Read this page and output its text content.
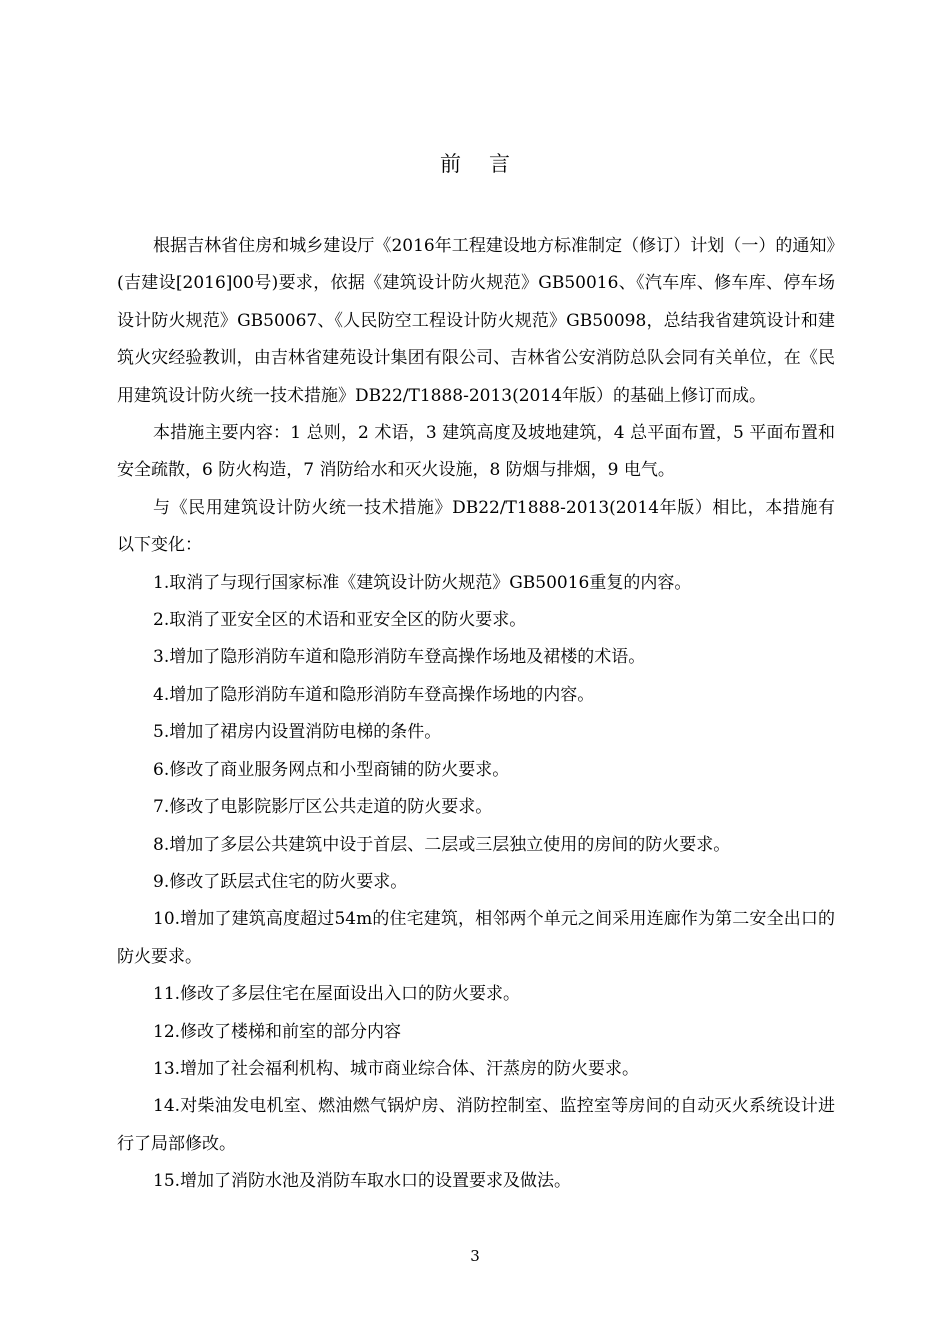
前言

根据吉林省住房和城乡建设厅《2016年工程建设地方标准制定（修订）计划（一）的通知》(吉建设[2016]00号)要求，依据《建筑设计防火规范》GB50016、《汽车库、修车库、停车场设计防火规范》GB50067、《人民防空工程设计防火规范》GB50098，总结我省建筑设计和建筑火灾经验教训，由吉林省建苑设计集团有限公司、吉林省公安消防总队会同有关单位，在《民用建筑设计防火统一技术措施》DB22/T1888-2013(2014年版）的基础上修订而成。

本措施主要内容：1 总则，2 术语，3 建筑高度及坡地建筑，4 总平面布置，5 平面布置和安全疏散，6 防火构造，7 消防给水和灭火设施，8 防烟与排烟，9 电气。

与《民用建筑设计防火统一技术措施》DB22/T1888-2013(2014年版）相比，本措施有以下变化：

1.取消了与现行国家标准《建筑设计防火规范》GB50016重复的内容。

2.取消了亚安全区的术语和亚安全区的防火要求。

3.增加了隐形消防车道和隐形消防车登高操作场地及裙楼的术语。

4.增加了隐形消防车道和隐形消防车登高操作场地的内容。

5.增加了裙房内设置消防电梯的条件。

6.修改了商业服务网点和小型商铺的防火要求。

7.修改了电影院影厅区公共走道的防火要求。

8.增加了多层公共建筑中设于首层、二层或三层独立使用的房间的防火要求。

9.修改了跃层式住宅的防火要求。

10.增加了建筑高度超过54m的住宅建筑，相邻两个单元之间采用连廊作为第二安全出口的防火要求。

11.修改了多层住宅在屋面设出入口的防火要求。

12.修改了楼梯和前室的部分内容

13.增加了社会福利机构、城市商业综合体、汗蒸房的防火要求。

14.对柴油发电机室、燃油燃气锅炉房、消防控制室、监控室等房间的自动灭火系统设计进行了局部修改。

15.增加了消防水池及消防车取水口的设置要求及做法。

3
